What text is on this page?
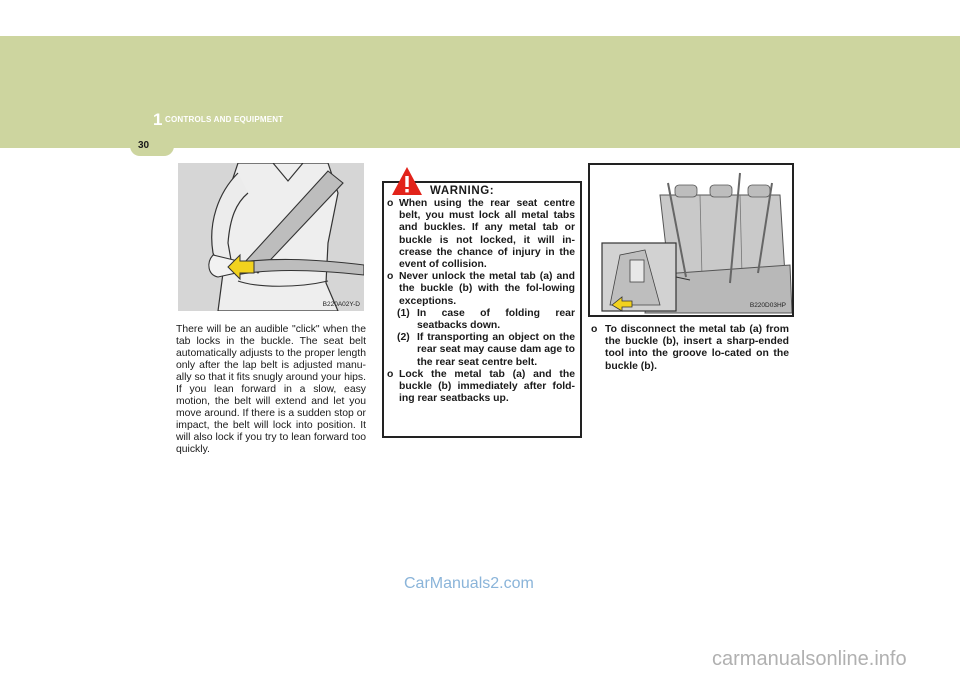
1 CONTROLS AND EQUIPMENT
30
B220A02Y-D
There will be an audible "click" when the tab locks in the buckle. The seat belt automatically adjusts to the proper length only after the lap belt is adjusted manu-ally so that it fits snugly around your hips. If you lean forward in a slow, easy motion, the belt will extend and let you move around. If there is a sudden stop or impact, the belt will lock into position. It will also lock if you try to lean forward too quickly.
WARNING:
o When using the rear seat centre belt, you must lock all metal tabs and buckles. If any metal tab or buckle is not locked, it will in-crease the chance of injury in the event of collision.
o Never unlock the metal tab (a) and the buckle (b) with the fol-lowing exceptions.
(1) In case of folding rear seatbacks down.
(2) If transporting an object on the rear seat may cause dam age to the rear seat centre belt.
o Lock the metal tab (a) and the buckle (b) immediately after fold-ing rear seatbacks up.
B220D03HP
o To disconnect the metal tab (a) from the buckle (b), insert a sharp-ended tool into the groove lo-cated on the buckle (b).
CarManuals2.com
carmanualsonline.info
